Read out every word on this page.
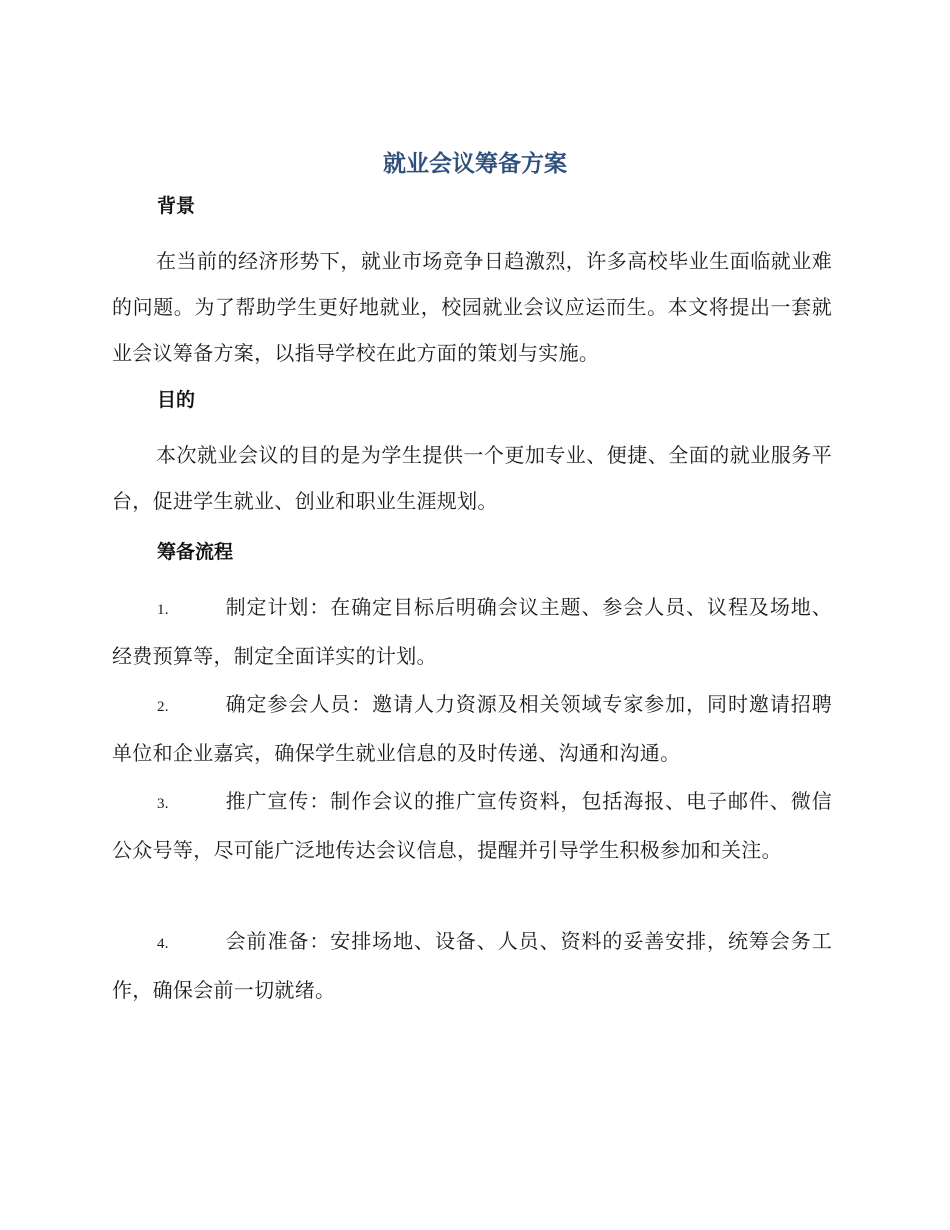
就业会议筹备方案
背景

在当前的经济形势下，就业市场竞争日趋激烈，许多高校毕业生面临就业难的问题。为了帮助学生更好地就业，校园就业会议应运而生。本文将提出一套就业会议筹备方案，以指导学校在此方面的策划与实施。

目的

本次就业会议的目的是为学生提供一个更加专业、便捷、全面的就业服务平台，促进学生就业、创业和职业生涯规划。

筹备流程

1.	制定计划：在确定目标后明确会议主题、参会人员、议程及场地、经费预算等，制定全面详实的计划。

2.	确定参会人员：邀请人力资源及相关领域专家参加，同时邀请招聘单位和企业嘉宾，确保学生就业信息的及时传递、沟通和沟通。

3.	推广宣传：制作会议的推广宣传资料，包括海报、电子邮件、微信公众号等，尽可能广泛地传达会议信息，提醒并引导学生积极参加和关注。

4.	会前准备：安排场地、设备、人员、资料的妥善安排，统筹会务工作，确保会前一切就绪。
